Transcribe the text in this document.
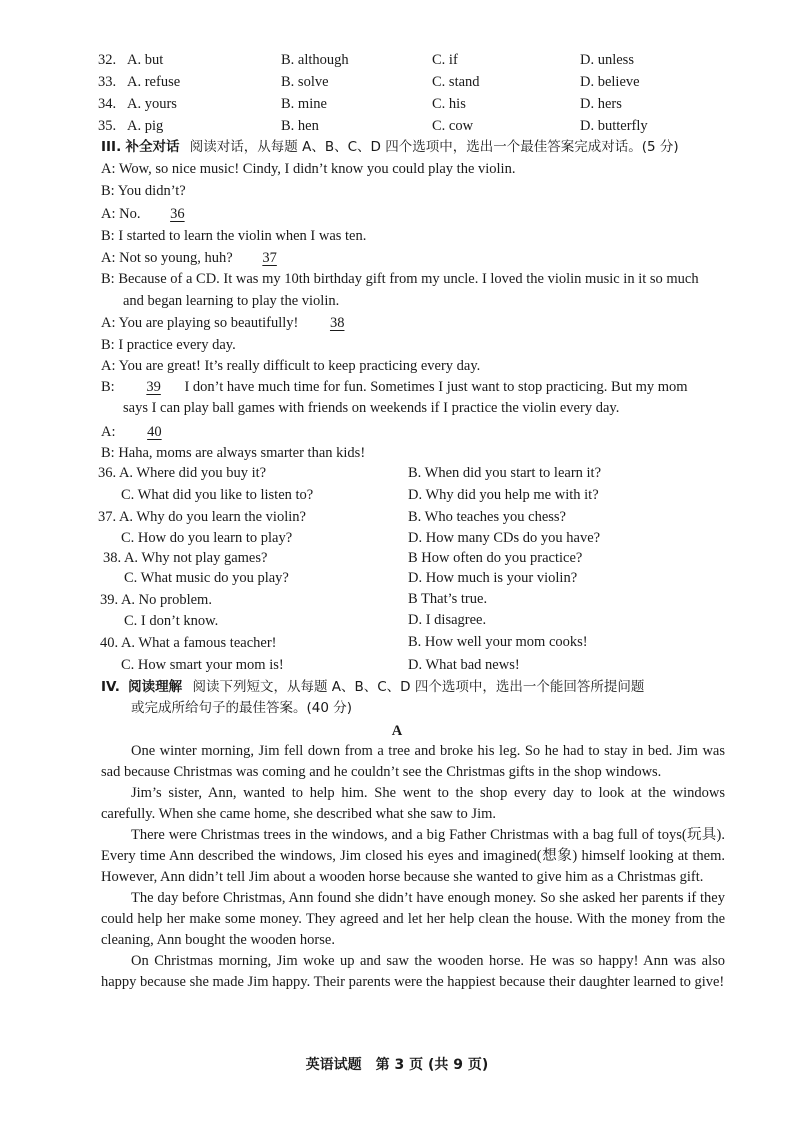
32. A. but	B. although	C. if	D. unless
33. A. refuse	B. solve	C. stand	D. believe
34. A. yours	B. mine	C. his	D. hers
35. A. pig	B. hen	C. cow	D. butterfly
III. 补全对话 阅读对话，从每题 A、B、C、D 四个选项中，选出一个最佳答案完成对话。(5 分)
A: Wow, so nice music! Cindy, I didn’t know you could play the violin.
B: You didn’t?
A: No. 36
B: I started to learn the violin when I was ten.
A: Not so young, huh? 37
B: Because of a CD. It was my 10th birthday gift from my uncle. I loved the violin music in it so much
and began learning to play the violin.
A: You are playing so beautifully! 38
B: I practice every day.
A: You are great! It’s really difficult to keep practicing every day.
B: 39 I don’t have much time for fun. Sometimes I just want to stop practicing. But my mom
says I can play ball games with friends on weekends if I practice the violin every day.
A: 40
B: Haha, moms are always smarter than kids!
36. A. Where did you buy it?	B. When did you start to learn it?
C. What did you like to listen to?	D. Why did you help me with it?
37. A. Why do you learn the violin?	B. Who teaches you chess?
C. How do you learn to play?	D. How many CDs do you have?
38. A. Why not play games?	B How often do you practice?
C. What music do you play?	D. How much is your violin?
39. A. No problem.	B That’s true.
C. I don’t know.	D. I disagree.
40. A. What a famous teacher!	B. How well your mom cooks!
C. How smart your mom is!	D. What bad news!
IV. 阅读理解 阅读下列短文，从每题 A、B、C、D 四个选项中，选出一个能回答所提问题
或完成所给句子的最佳答案。(40 分)
A

One winter morning, Jim fell down from a tree and broke his leg. So he had to stay in bed. Jim was sad because Christmas was coming and he couldn’t see the Christmas gifts in the shop windows.

Jim’s sister, Ann, wanted to help him. She went to the shop every day to look at the windows carefully. When she came home, she described what she saw to Jim.

There were Christmas trees in the windows, and a big Father Christmas with a bag full of toys(玩具). Every time Ann described the windows, Jim closed his eyes and imagined(想象) himself looking at them. However, Ann didn’t tell Jim about a wooden horse because she wanted to give him as a Christmas gift.

The day before Christmas, Ann found she didn’t have enough money. So she asked her parents if they could help her make some money. They agreed and let her help clean the house. With the money from the cleaning, Ann bought the wooden horse.

On Christmas morning, Jim woke up and saw the wooden horse. He was so happy! Ann was also happy because she made Jim happy. Their parents were the happiest because their daughter learned to give!

英语试题　第 3 页 (共 9 页)
